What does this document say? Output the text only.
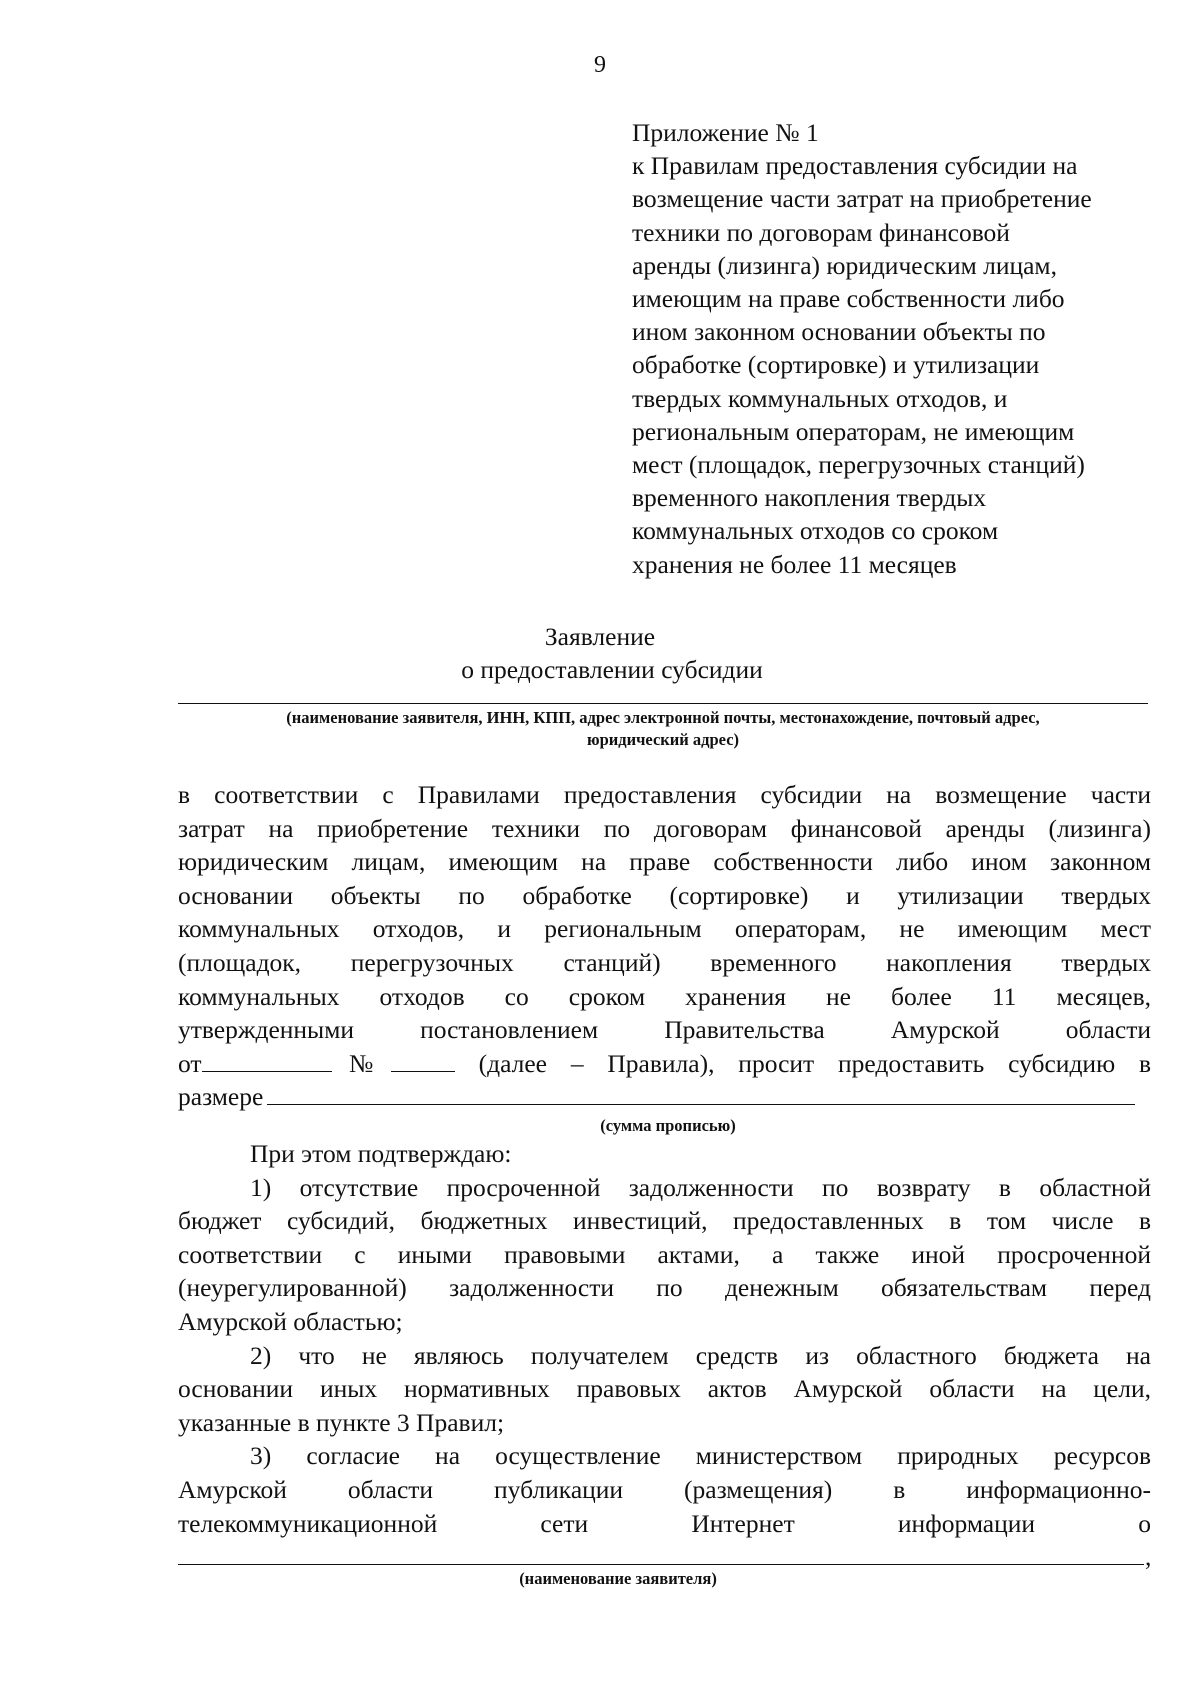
9
Приложение № 1
к Правилам предоставления субсидии на
возмещение части затрат на приобретение
техники по договорам финансовой
аренды (лизинга) юридическим лицам,
имеющим на праве собственности либо
ином законном основании объекты по
обработке (сортировке) и утилизации
твердых коммунальных отходов, и
региональным операторам, не имеющим
мест (площадок, перегрузочных станций)
временного накопления твердых
коммунальных отходов со сроком
хранения не более 11 месяцев
Заявление
о предоставлении субсидии
(наименование заявителя, ИНН, КПП, адрес электронной почты, местонахождение, почтовый адрес,
юридический адрес)
в соответствии с Правилами предоставления субсидии на возмещение части
затрат на приобретение техники по договорам финансовой аренды (лизинга)
юридическим лицам, имеющим на праве собственности либо ином законном
основании объекты по обработке (сортировке) и утилизации твердых
коммунальных отходов, и региональным операторам, не имеющим мест
(площадок, перегрузочных станций) временного накопления твердых
коммунальных отходов со сроком хранения не более 11 месяцев,
утвержденными постановлением Правительства Амурской области
от	№	(далее – Правила), просит предоставить субсидию в
размере
(сумма прописью)
При этом подтверждаю:
1) отсутствие просроченной задолженности по возврату в областной
бюджет субсидий, бюджетных инвестиций, предоставленных в том числе в
соответствии с иными правовыми актами, а также иной просроченной
(неурегулированной) задолженности по денежным обязательствам перед
Амурской областью;
2) что не являюсь получателем средств из областного бюджета на
основании иных нормативных правовых актов Амурской области на цели,
указанные в пункте 3 Правил;
3) согласие на осуществление министерством природных ресурсов
Амурской области публикации (размещения) в информационно-
телекоммуникационной сети Интернет информации о
,
(наименование заявителя)
